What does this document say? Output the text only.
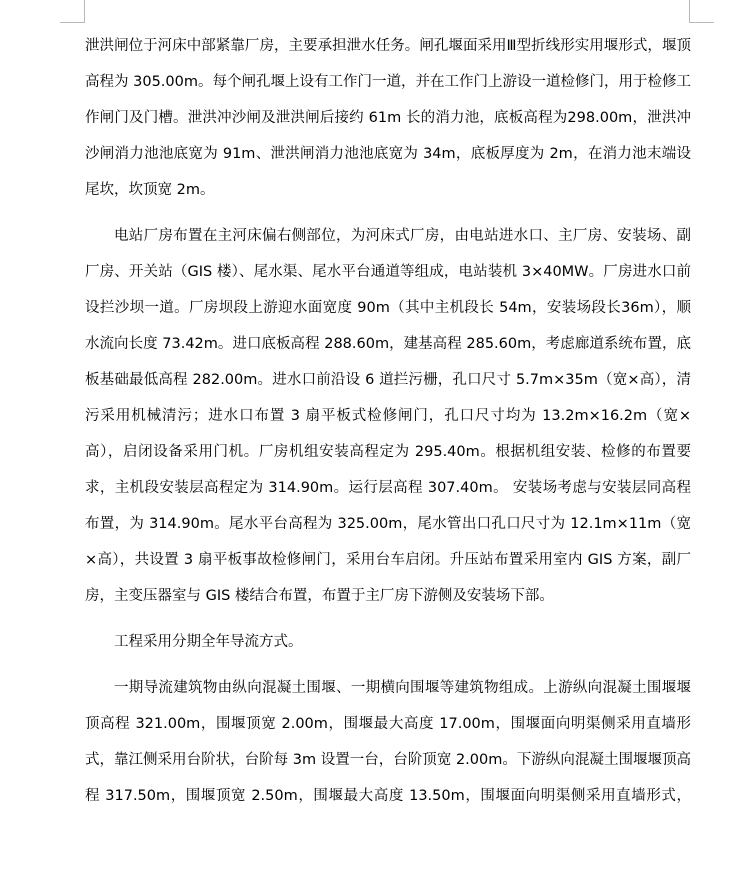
泄洪闸位于河床中部紧靠厂房，主要承担泄水任务。闸孔堰面采用Ⅲ型折线形实用堰形式，堰顶高程为 305.00m。每个闸孔堰上设有工作门一道，并在工作门上游设一道检修门，用于检修工作闸门及门槽。泄洪冲沙闸及泄洪闸后接约 61m 长的消力池，底板高程为298.00m，泄洪冲沙闸消力池池底宽为 91m、泄洪闸消力池池底宽为 34m，底板厚度为 2m，在消力池末端设尾坎，坎顶宽 2m。

电站厂房布置在主河床偏右侧部位，为河床式厂房，由电站进水口、主厂房、安装场、副厂房、开关站（GIS 楼）、尾水渠、尾水平台通道等组成，电站装机 3×40MW。厂房进水口前设拦沙坝一道。厂房坝段上游迎水面宽度 90m（其中主机段长 54m，安装场段长36m），顺水流向长度 73.42m。进口底板高程 288.60m，建基高程 285.60m，考虑廊道系统布置，底板基础最低高程 282.00m。进水口前沿设 6 道拦污栅，孔口尺寸 5.7m×35m（宽×高），清污采用机械清污；进水口布置 3 扇平板式检修闸门，孔口尺寸均为 13.2m×16.2m（宽×高），启闭设备采用门机。厂房机组安装高程定为 295.40m。根据机组安装、检修的布置要求，主机段安装层高程定为 314.90m。运行层高程 307.40m。 安装场考虑与安装层同高程布置，为 314.90m。尾水平台高程为 325.00m，尾水管出口孔口尺寸为 12.1m×11m（宽×高），共设置 3 扇平板事故检修闸门，采用台车启闭。升压站布置采用室内 GIS 方案，副厂房，主变压器室与 GIS 楼结合布置，布置于主厂房下游侧及安装场下部。

工程采用分期全年导流方式。

一期导流建筑物由纵向混凝土围堰、一期横向围堰等建筑物组成。上游纵向混凝土围堰堰顶高程 321.00m，围堰顶宽 2.00m，围堰最大高度 17.00m，围堰面向明渠侧采用直墙形式，靠江侧采用台阶状，台阶每 3m 设置一台，台阶顶宽 2.00m。下游纵向混凝土围堰堰顶高程 317.50m，围堰顶宽 2.50m，围堰最大高度 13.50m，围堰面向明渠侧采用直墙形式，
